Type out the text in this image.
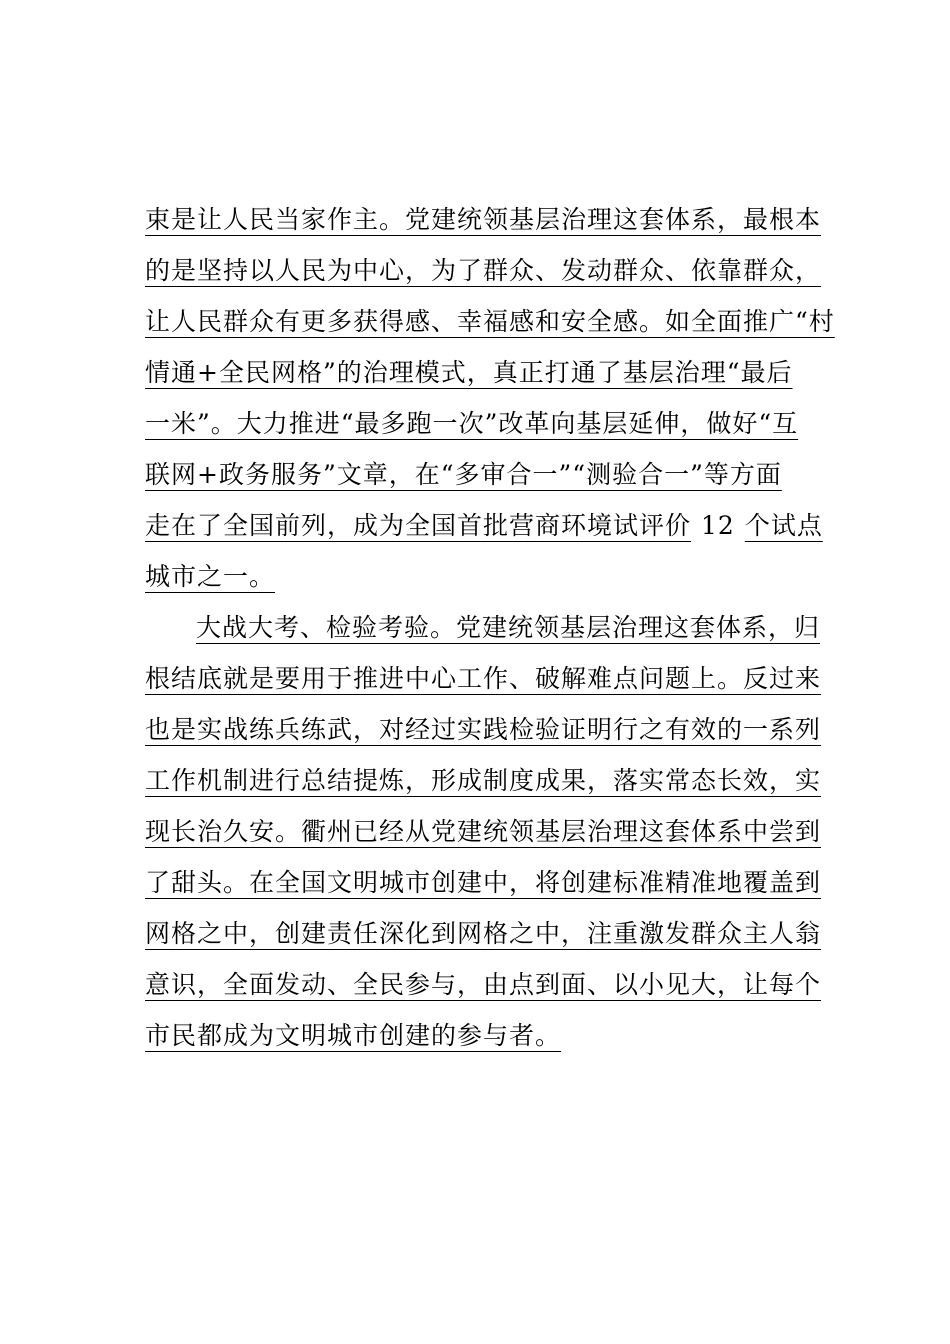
束是让人民当家作主。党建统领基层治理这套体系，最根本
的是坚持以人民为中心，为了群众、发动群众、依靠群众，
让人民群众有更多获得感、幸福感和安全感。如全面推广“村
情通+全民网格”的治理模式，真正打通了基层治理“最后
一米”。大力推进“最多跑一次”改革向基层延伸，做好“互
联网+政务服务”文章，在“多审合一”“测验合一”等方面
走在了全国前列，成为全国首批营商环境试评价 12 个试点
城市之一。
大战大考、检验考验。党建统领基层治理这套体系，归
根结底就是要用于推进中心工作、破解难点问题上。反过来
也是实战练兵练武，对经过实践检验证明行之有效的一系列
工作机制进行总结提炼，形成制度成果，落实常态长效，实
现长治久安。衢州已经从党建统领基层治理这套体系中尝到
了甜头。在全国文明城市创建中，将创建标准精准地覆盖到
网格之中，创建责任深化到网格之中，注重激发群众主人翁
意识，全面发动、全民参与，由点到面、以小见大，让每个
市民都成为文明城市创建的参与者。
